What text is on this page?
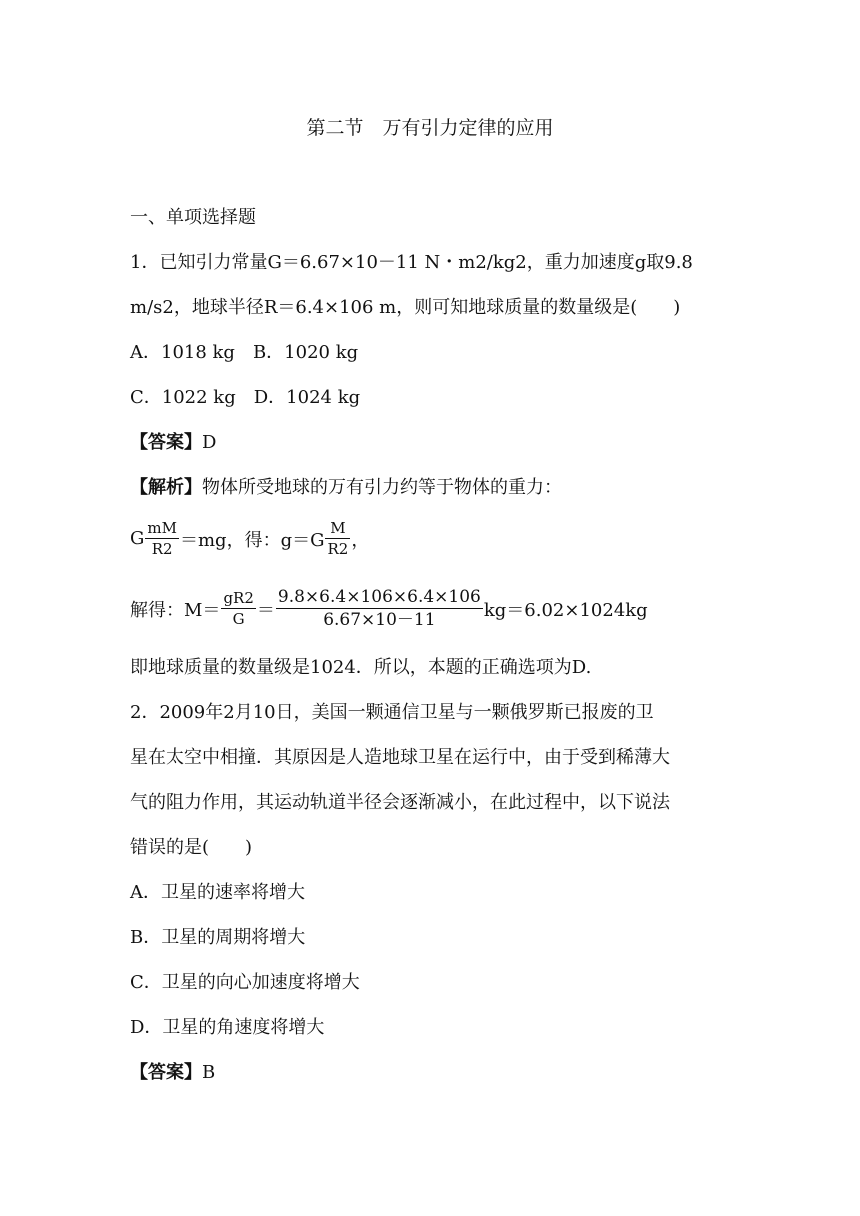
第二节　万有引力定律的应用
一、单项选择题
1．已知引力常量G＝6.67×10－11 N・m2/kg2，重力加速度g取9.8
m/s2，地球半径R＝6.4×106 m，则可知地球质量的数量级是(　　)
A．1018 kg　B．1020 kg
C．1022 kg　D．1024 kg
【答案】D
【解析】物体所受地球的万有引力约等于物体的重力：
G $\frac{mM}{R2} =mg$，得：$g=G \frac{M}{R2}$ ，
解得：$M= \frac{gR2}{G} = \frac{9.8\times 6.4\times 106\times 6.4\times 106}{6.67\times 10-11} kg=6.02\times 1024kg$
即地球质量的数量级是1024．所以，本题的正确选项为D.
2．2009年2月10日，美国一颗通信卫星与一颗俄罗斯已报废的卫
星在太空中相撞．其原因是人造地球卫星在运行中，由于受到稀薄大
气的阻力作用，其运动轨道半径会逐渐减小，在此过程中，以下说法
错误的是(　　)
A．卫星的速率将增大
B．卫星的周期将增大
C．卫星的向心加速度将增大
D．卫星的角速度将增大
【答案】B
